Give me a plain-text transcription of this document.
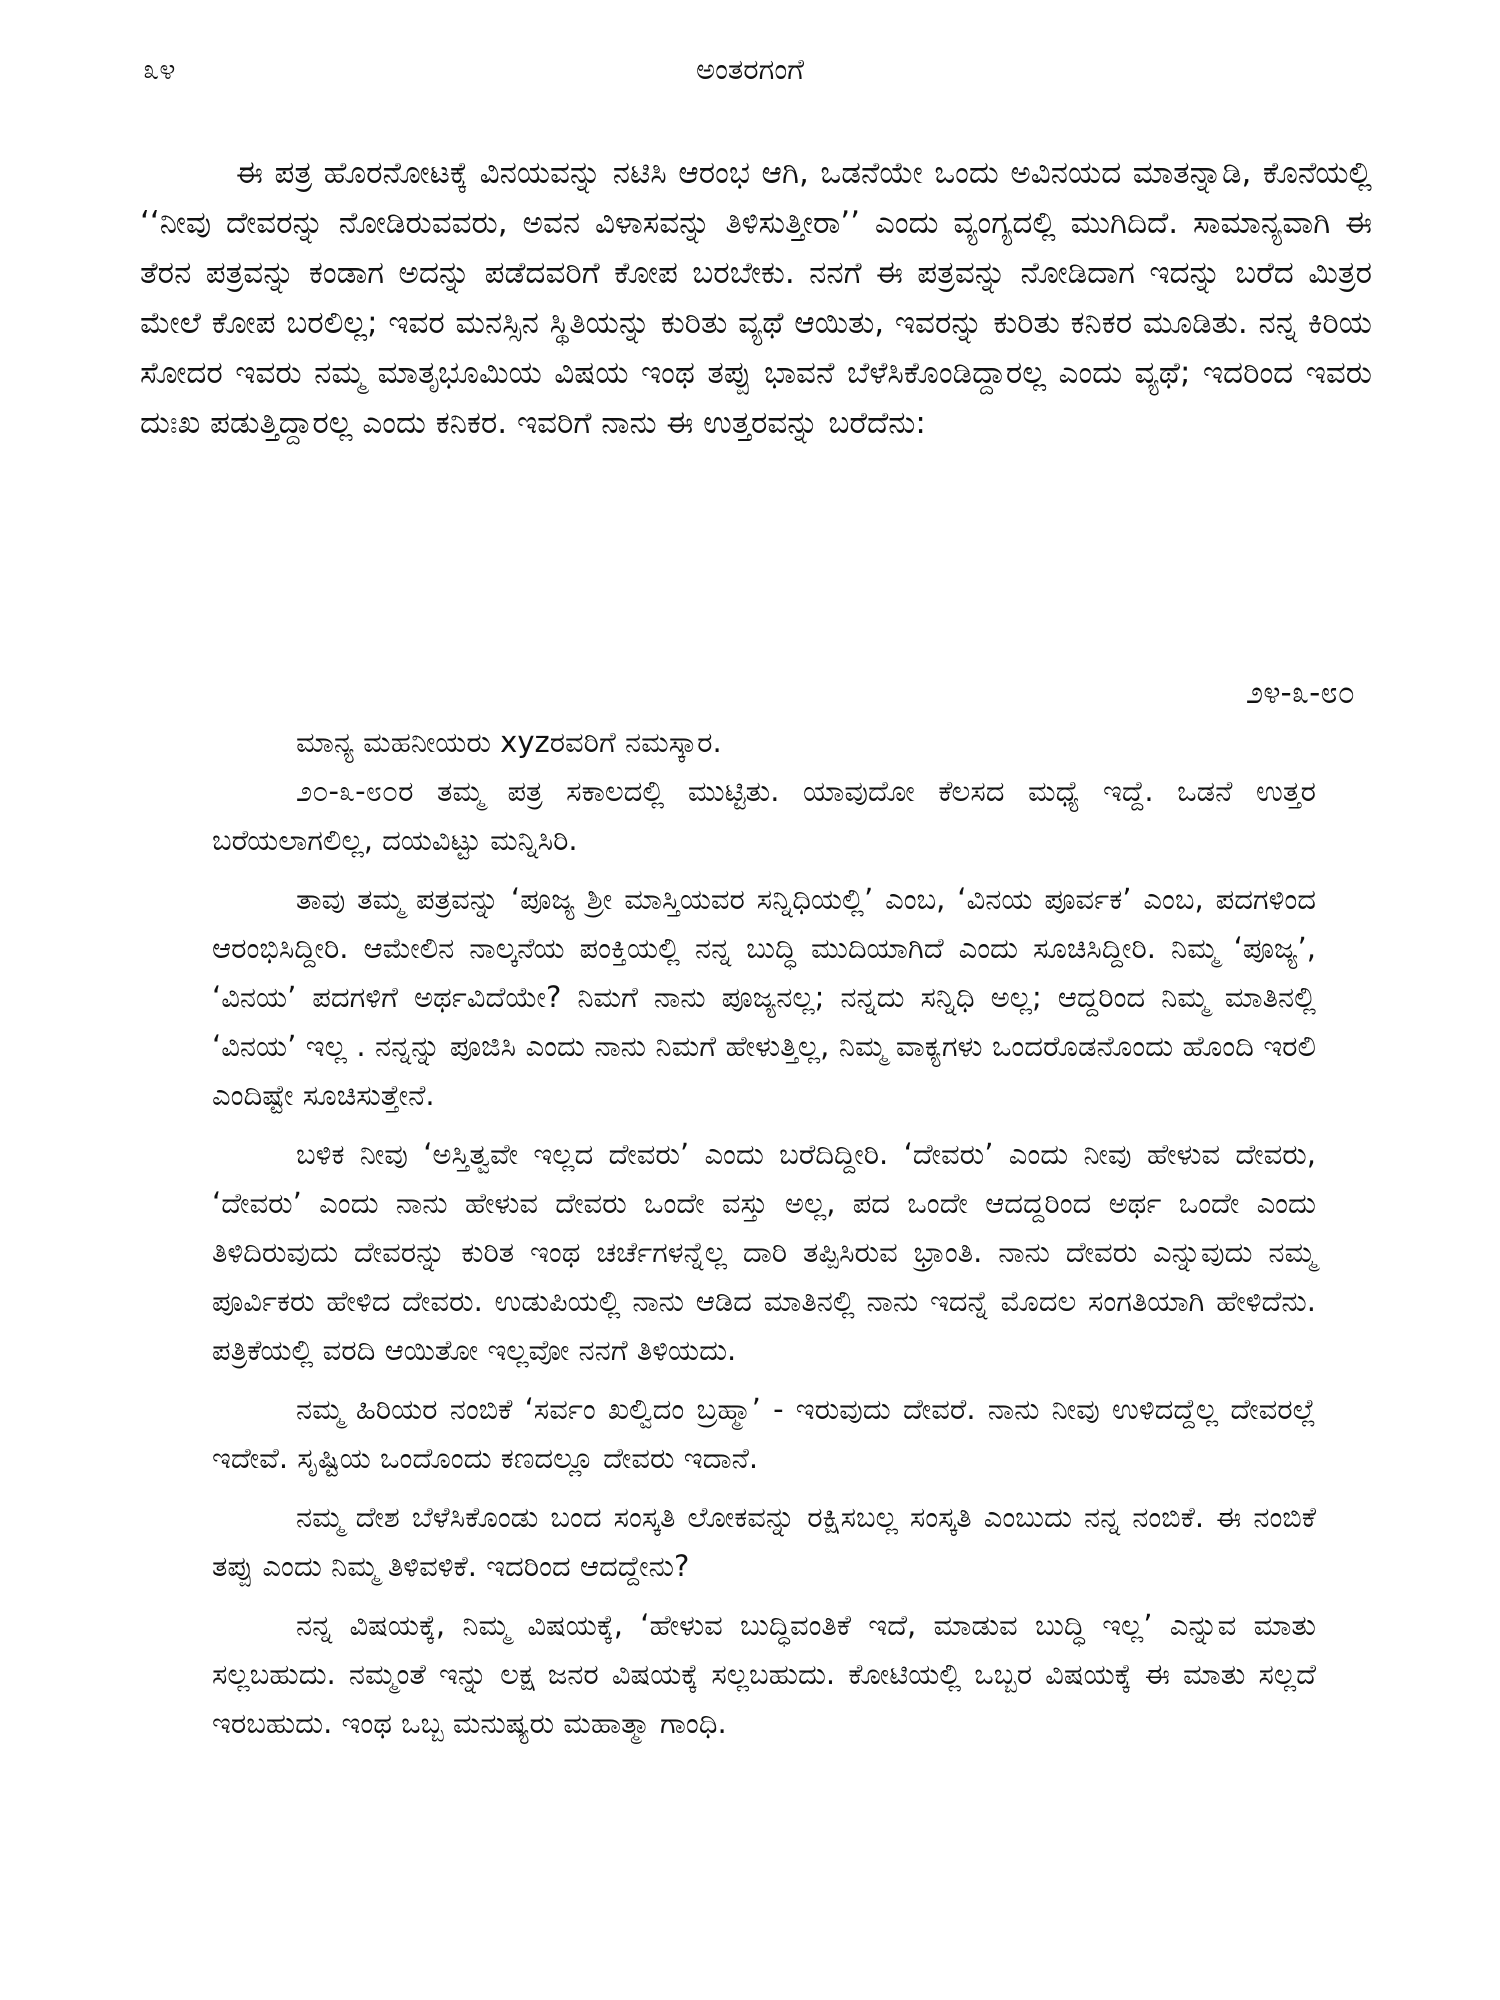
೩೪	ಅಂತರಗಂಗೆ

ಈ ಪತ್ರ ಹೊರನೋಟಕ್ಕೆ ವಿನಯವನ್ನು ನಟಿಸಿ ಆರಂಭ ಆಗಿ, ಒಡನೆಯೇ ಒಂದು ಅವಿನಯದ ಮಾತನ್ನಾಡಿ, ಕೊನೆಯಲ್ಲಿ ‘‘ನೀವು ದೇವರನ್ನು ನೋಡಿರುವವರು, ಅವನ ವಿಳಾಸವನ್ನು ತಿಳಿಸುತ್ತೀರಾ’’ ಎಂದು ವ್ಯಂಗ್ಯದಲ್ಲಿ ಮುಗಿದಿದೆ. ಸಾಮಾನ್ಯವಾಗಿ ಈ ತೆರನ ಪತ್ರವನ್ನು ಕಂಡಾಗ ಅದನ್ನು ಪಡೆದವರಿಗೆ ಕೋಪ ಬರಬೇಕು. ನನಗೆ ಈ ಪತ್ರವನ್ನು ನೋಡಿದಾಗ ಇದನ್ನು ಬರೆದ ಮಿತ್ರರ ಮೇಲೆ ಕೋಪ ಬರಲಿಲ್ಲ; ಇವರ ಮನಸ್ಸಿನ ಸ್ಥಿತಿಯನ್ನು ಕುರಿತು ವ್ಯಥೆ ಆಯಿತು, ಇವರನ್ನು ಕುರಿತು ಕನಿಕರ ಮೂಡಿತು. ನನ್ನ ಕಿರಿಯ ಸೋದರ ಇವರು ನಮ್ಮ ಮಾತೃಭೂಮಿಯ ವಿಷಯ ಇಂಥ ತಪ್ಪು ಭಾವನೆ ಬೆಳೆಸಿಕೊಂಡಿದ್ದಾರಲ್ಲ ಎಂದು ವ್ಯಥೆ; ಇದರಿಂದ ಇವರು ದುಃಖ ಪಡುತ್ತಿದ್ದಾರಲ್ಲ ಎಂದು ಕನಿಕರ. ಇವರಿಗೆ ನಾನು ಈ ಉತ್ತರವನ್ನು ಬರೆದೆನು:

೨೪-೩-೮೦

ಮಾನ್ಯ ಮಹನೀಯರು xyzರವರಿಗೆ ನಮಸ್ಕಾರ.

೨೦-೩-೮೦ರ ತಮ್ಮ ಪತ್ರ ಸಕಾಲದಲ್ಲಿ ಮುಟ್ಟಿತು. ಯಾವುದೋ ಕೆಲಸದ ಮಧ್ಯೆ ಇದ್ದೆ. ಒಡನೆ ಉತ್ತರ ಬರೆಯಲಾಗಲಿಲ್ಲ, ದಯವಿಟ್ಟು ಮನ್ನಿಸಿರಿ.

ತಾವು ತಮ್ಮ ಪತ್ರವನ್ನು ‘ಪೂಜ್ಯ ಶ್ರೀ ಮಾಸ್ತಿಯವರ ಸನ್ನಿಧಿಯಲ್ಲಿ’ ಎಂಬ, ‘ವಿನಯ ಪೂರ್ವಕ’ ಎಂಬ, ಪದಗಳಿಂದ ಆರಂಭಿಸಿದ್ದೀರಿ. ಆಮೇಲಿನ ನಾಲ್ಕನೆಯ ಪಂಕ್ತಿಯಲ್ಲಿ ನನ್ನ ಬುದ್ಧಿ ಮುದಿಯಾಗಿದೆ ಎಂದು ಸೂಚಿಸಿದ್ದೀರಿ. ನಿಮ್ಮ ‘ಪೂಜ್ಯ’, ‘ವಿನಯ’ ಪದಗಳಿಗೆ ಅರ್ಥವಿದೆಯೇ? ನಿಮಗೆ ನಾನು ಪೂಜ್ಯನಲ್ಲ; ನನ್ನದು ಸನ್ನಿಧಿ ಅಲ್ಲ; ಆದ್ದರಿಂದ ನಿಮ್ಮ ಮಾತಿನಲ್ಲಿ ‘ವಿನಯ’ ಇಲ್ಲ . ನನ್ನನ್ನು ಪೂಜಿಸಿ ಎಂದು ನಾನು ನಿಮಗೆ ಹೇಳುತ್ತಿಲ್ಲ, ನಿಮ್ಮ ವಾಕ್ಯಗಳು ಒಂದರೊಡನೊಂದು ಹೊಂದಿ ಇರಲಿ ಎಂದಿಷ್ಟೇ ಸೂಚಿಸುತ್ತೇನೆ.

ಬಳಿಕ ನೀವು ‘ಅಸ್ತಿತ್ವವೇ ಇಲ್ಲದ ದೇವರು’ ಎಂದು ಬರೆದಿದ್ದೀರಿ. ‘ದೇವರು’ ಎಂದು ನೀವು ಹೇಳುವ ದೇವರು, ‘ದೇವರು’ ಎಂದು ನಾನು ಹೇಳುವ ದೇವರು ಒಂದೇ ವಸ್ತು ಅಲ್ಲ, ಪದ ಒಂದೇ ಆದದ್ದರಿಂದ ಅರ್ಥ ಒಂದೇ ಎಂದು ತಿಳಿದಿರುವುದು ದೇವರನ್ನು ಕುರಿತ ಇಂಥ ಚರ್ಚೆಗಳನ್ನೆಲ್ಲ ದಾರಿ ತಪ್ಪಿಸಿರುವ ಭ್ರಾಂತಿ. ನಾನು ದೇವರು ಎನ್ನುವುದು ನಮ್ಮ ಪೂರ್ವಿಕರು ಹೇಳಿದ ದೇವರು. ಉಡುಪಿಯಲ್ಲಿ ನಾನು ಆಡಿದ ಮಾತಿನಲ್ಲಿ ನಾನು ಇದನ್ನೆ ಮೊದಲ ಸಂಗತಿಯಾಗಿ ಹೇಳಿದೆನು. ಪತ್ರಿಕೆಯಲ್ಲಿ ವರದಿ ಆಯಿತೋ ಇಲ್ಲವೋ ನನಗೆ ತಿಳಿಯದು.

ನಮ್ಮ ಹಿರಿಯರ ನಂಬಿಕೆ ‘ಸರ್ವಂ ಖಲ್ವಿದಂ ಬ್ರಹ್ಮಾ’ - ಇರುವುದು ದೇವರೆ. ನಾನು ನೀವು ಉಳಿದದ್ದೆಲ್ಲ ದೇವರಲ್ಲೆ ಇದೇವೆ. ಸೃಷ್ಟಿಯ ಒಂದೊಂದು ಕಣದಲ್ಲೂ ದೇವರು ಇದಾನೆ.

ನಮ್ಮ ದೇಶ ಬೆಳೆಸಿಕೊಂಡು ಬಂದ ಸಂಸ್ಕತಿ ಲೋಕವನ್ನು ರಕ್ಷಿಸಬಲ್ಲ ಸಂಸ್ಕತಿ ಎಂಬುದು ನನ್ನ ನಂಬಿಕೆ. ಈ ನಂಬಿಕೆ ತಪ್ಪು ಎಂದು ನಿಮ್ಮ ತಿಳಿವಳಿಕೆ. ಇದರಿಂದ ಆದದ್ದೇನು?

ನನ್ನ ವಿಷಯಕ್ಕೆ, ನಿಮ್ಮ ವಿಷಯಕ್ಕೆ, ‘ಹೇಳುವ ಬುದ್ಧಿವಂತಿಕೆ ಇದೆ, ಮಾಡುವ ಬುದ್ಧಿ ಇಲ್ಲ’ ಎನ್ನುವ ಮಾತು ಸಲ್ಲಬಹುದು. ನಮ್ಮಂತೆ ಇನ್ನು ಲಕ್ಷ ಜನರ ವಿಷಯಕ್ಕೆ ಸಲ್ಲಬಹುದು. ಕೋಟಿಯಲ್ಲಿ ಒಬ್ಬರ ವಿಷಯಕ್ಕೆ ಈ ಮಾತು ಸಲ್ಲದೆ ಇರಬಹುದು. ಇಂಥ ಒಬ್ಬ ಮನುಷ್ಯರು ಮಹಾತ್ಮಾ ಗಾಂಧಿ.
